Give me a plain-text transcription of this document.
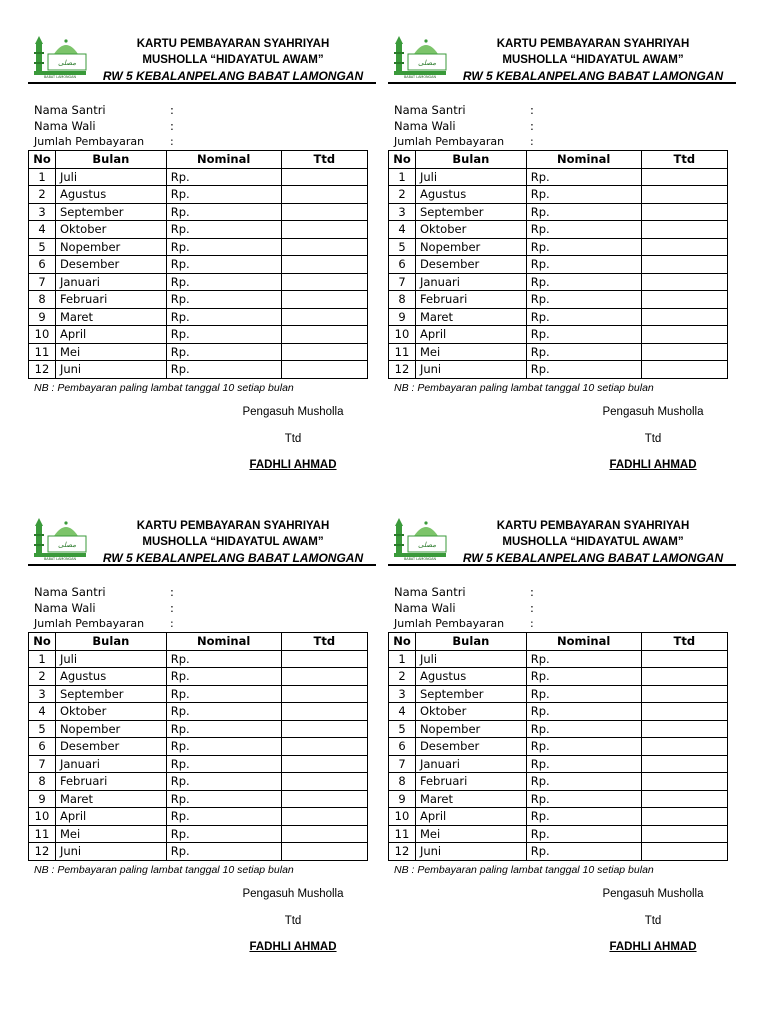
مصلى
BABAT LAMONGAN
KARTU PEMBAYARAN SYAHRIYAH
MUSHOLLA “HIDAYATUL AWAM”
RW 5 KEBALANPELANG BABAT LAMONGAN
Nama Santri	:
Nama Wali	:
Jumlah Pembayaran :
No	Bulan	Nominal	Ttd
1	Juli	Rp.	
2	Agustus	Rp.	
3	September	Rp.	
4	Oktober	Rp.	
5	Nopember	Rp.	
6	Desember	Rp.	
7	Januari	Rp.	
8	Februari	Rp.	
9	Maret	Rp.	
10	April	Rp.	
11	Mei	Rp.	
12	Juni	Rp.	
NB : Pembayaran paling lambat tanggal 10 setiap bulan
Pengasuh Musholla
Ttd
FADHLI AHMAD
مصلى
BABAT LAMONGAN
KARTU PEMBAYARAN SYAHRIYAH
MUSHOLLA “HIDAYATUL AWAM”
RW 5 KEBALANPELANG BABAT LAMONGAN
Nama Santri	:
Nama Wali	:
Jumlah Pembayaran :
No	Bulan	Nominal	Ttd
1	Juli	Rp.	
2	Agustus	Rp.	
3	September	Rp.	
4	Oktober	Rp.	
5	Nopember	Rp.	
6	Desember	Rp.	
7	Januari	Rp.	
8	Februari	Rp.	
9	Maret	Rp.	
10	April	Rp.	
11	Mei	Rp.	
12	Juni	Rp.	
NB : Pembayaran paling lambat tanggal 10 setiap bulan
Pengasuh Musholla
Ttd
FADHLI AHMAD
مصلى
BABAT LAMONGAN
KARTU PEMBAYARAN SYAHRIYAH
MUSHOLLA “HIDAYATUL AWAM”
RW 5 KEBALANPELANG BABAT LAMONGAN
Nama Santri	:
Nama Wali	:
Jumlah Pembayaran :
No	Bulan	Nominal	Ttd
1	Juli	Rp.	
2	Agustus	Rp.	
3	September	Rp.	
4	Oktober	Rp.	
5	Nopember	Rp.	
6	Desember	Rp.	
7	Januari	Rp.	
8	Februari	Rp.	
9	Maret	Rp.	
10	April	Rp.	
11	Mei	Rp.	
12	Juni	Rp.	
NB : Pembayaran paling lambat tanggal 10 setiap bulan
Pengasuh Musholla
Ttd
FADHLI AHMAD
مصلى
BABAT LAMONGAN
KARTU PEMBAYARAN SYAHRIYAH
MUSHOLLA “HIDAYATUL AWAM”
RW 5 KEBALANPELANG BABAT LAMONGAN
Nama Santri	:
Nama Wali	:
Jumlah Pembayaran :
No	Bulan	Nominal	Ttd
1	Juli	Rp.	
2	Agustus	Rp.	
3	September	Rp.	
4	Oktober	Rp.	
5	Nopember	Rp.	
6	Desember	Rp.	
7	Januari	Rp.	
8	Februari	Rp.	
9	Maret	Rp.	
10	April	Rp.	
11	Mei	Rp.	
12	Juni	Rp.	
NB : Pembayaran paling lambat tanggal 10 setiap bulan
Pengasuh Musholla
Ttd
FADHLI AHMAD
